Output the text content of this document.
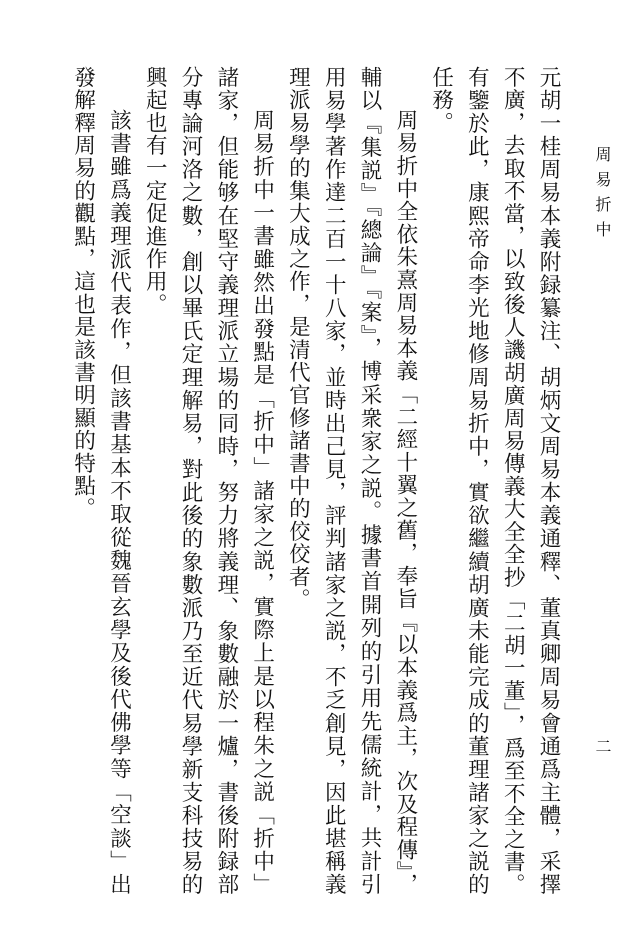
周易折中
二

元胡一桂周易本義附録纂注、胡炳文周易本義通釋、董真卿周易會通爲主體，采擇不廣，去取不當，以致後人譏胡廣周易傳義大全全抄「二胡一董」，爲至不全之書。有鑒於此，康熙帝命李光地修周易折中，實欲繼續胡廣未能完成的董理諸家之説的任務。

周易折中全依朱熹周易本義「二經十翼之舊，奉旨『以本義爲主，次及程傳』，輔以『集説』『總論』『案』，博采衆家之説。據書首開列的引用先儒統計，共計引用易學著作達二百一十八家，並時出己見，評判諸家之説，不乏創見，因此堪稱義理派易學的集大成之作，是清代官修諸書中的佼佼者。

周易折中一書雖然出發點是「折中」諸家之説，實際上是以程朱之説「折中」諸家，但能够在堅守義理派立場的同時，努力將義理、象數融於一爐，書後附録部分專論河洛之數，創以畢氏定理解易，對此後的象數派乃至近代易學新支科技易的興起也有一定促進作用。

該書雖爲義理派代表作，但該書基本不取從魏晉玄學及後代佛學等「空談」出發解釋周易的觀點，這也是該書明顯的特點。
